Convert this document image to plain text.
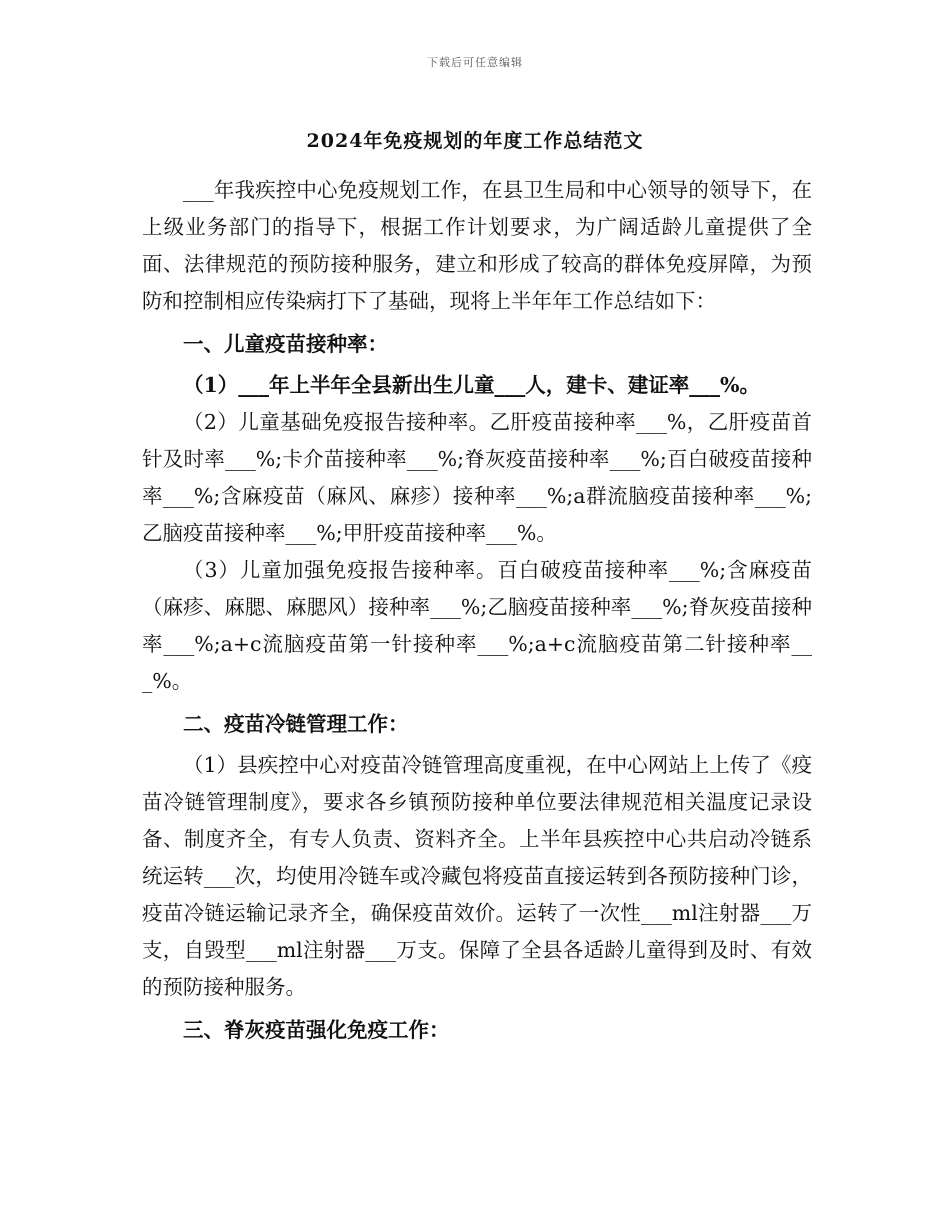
下载后可任意编辑
2024年免疫规划的年度工作总结范文

___年我疾控中心免疫规划工作，在县卫生局和中心领导的领导下，在上级业务部门的指导下，根据工作计划要求，为广阔适龄儿童提供了全面、法律规范的预防接种服务，建立和形成了较高的群体免疫屏障，为预防和控制相应传染病打下了基础，现将上半年年工作总结如下：

一、儿童疫苗接种率：

（1）___年上半年全县新出生儿童___人，建卡、建证率___%。

（2）儿童基础免疫报告接种率。乙肝疫苗接种率___%，乙肝疫苗首针及时率___%;卡介苗接种率___%;脊灰疫苗接种率___%;百白破疫苗接种率___%;含麻疫苗（麻风、麻疹）接种率___%;a群流脑疫苗接种率___%;乙脑疫苗接种率___%;甲肝疫苗接种率___%。

（3）儿童加强免疫报告接种率。百白破疫苗接种率___%;含麻疫苗（麻疹、麻腮、麻腮风）接种率___%;乙脑疫苗接种率___%;脊灰疫苗接种率___%;a+c流脑疫苗第一针接种率___%;a+c流脑疫苗第二针接种率___%。

二、疫苗冷链管理工作：

（1）县疾控中心对疫苗冷链管理高度重视，在中心网站上上传了《疫苗冷链管理制度》，要求各乡镇预防接种单位要法律规范相关温度记录设备、制度齐全，有专人负责、资料齐全。上半年县疾控中心共启动冷链系统运转___次，均使用冷链车或冷藏包将疫苗直接运转到各预防接种门诊，疫苗冷链运输记录齐全，确保疫苗效价。运转了一次性___ml注射器___万支，自毁型___ml注射器___万支。保障了全县各适龄儿童得到及时、有效的预防接种服务。

三、脊灰疫苗强化免疫工作：
